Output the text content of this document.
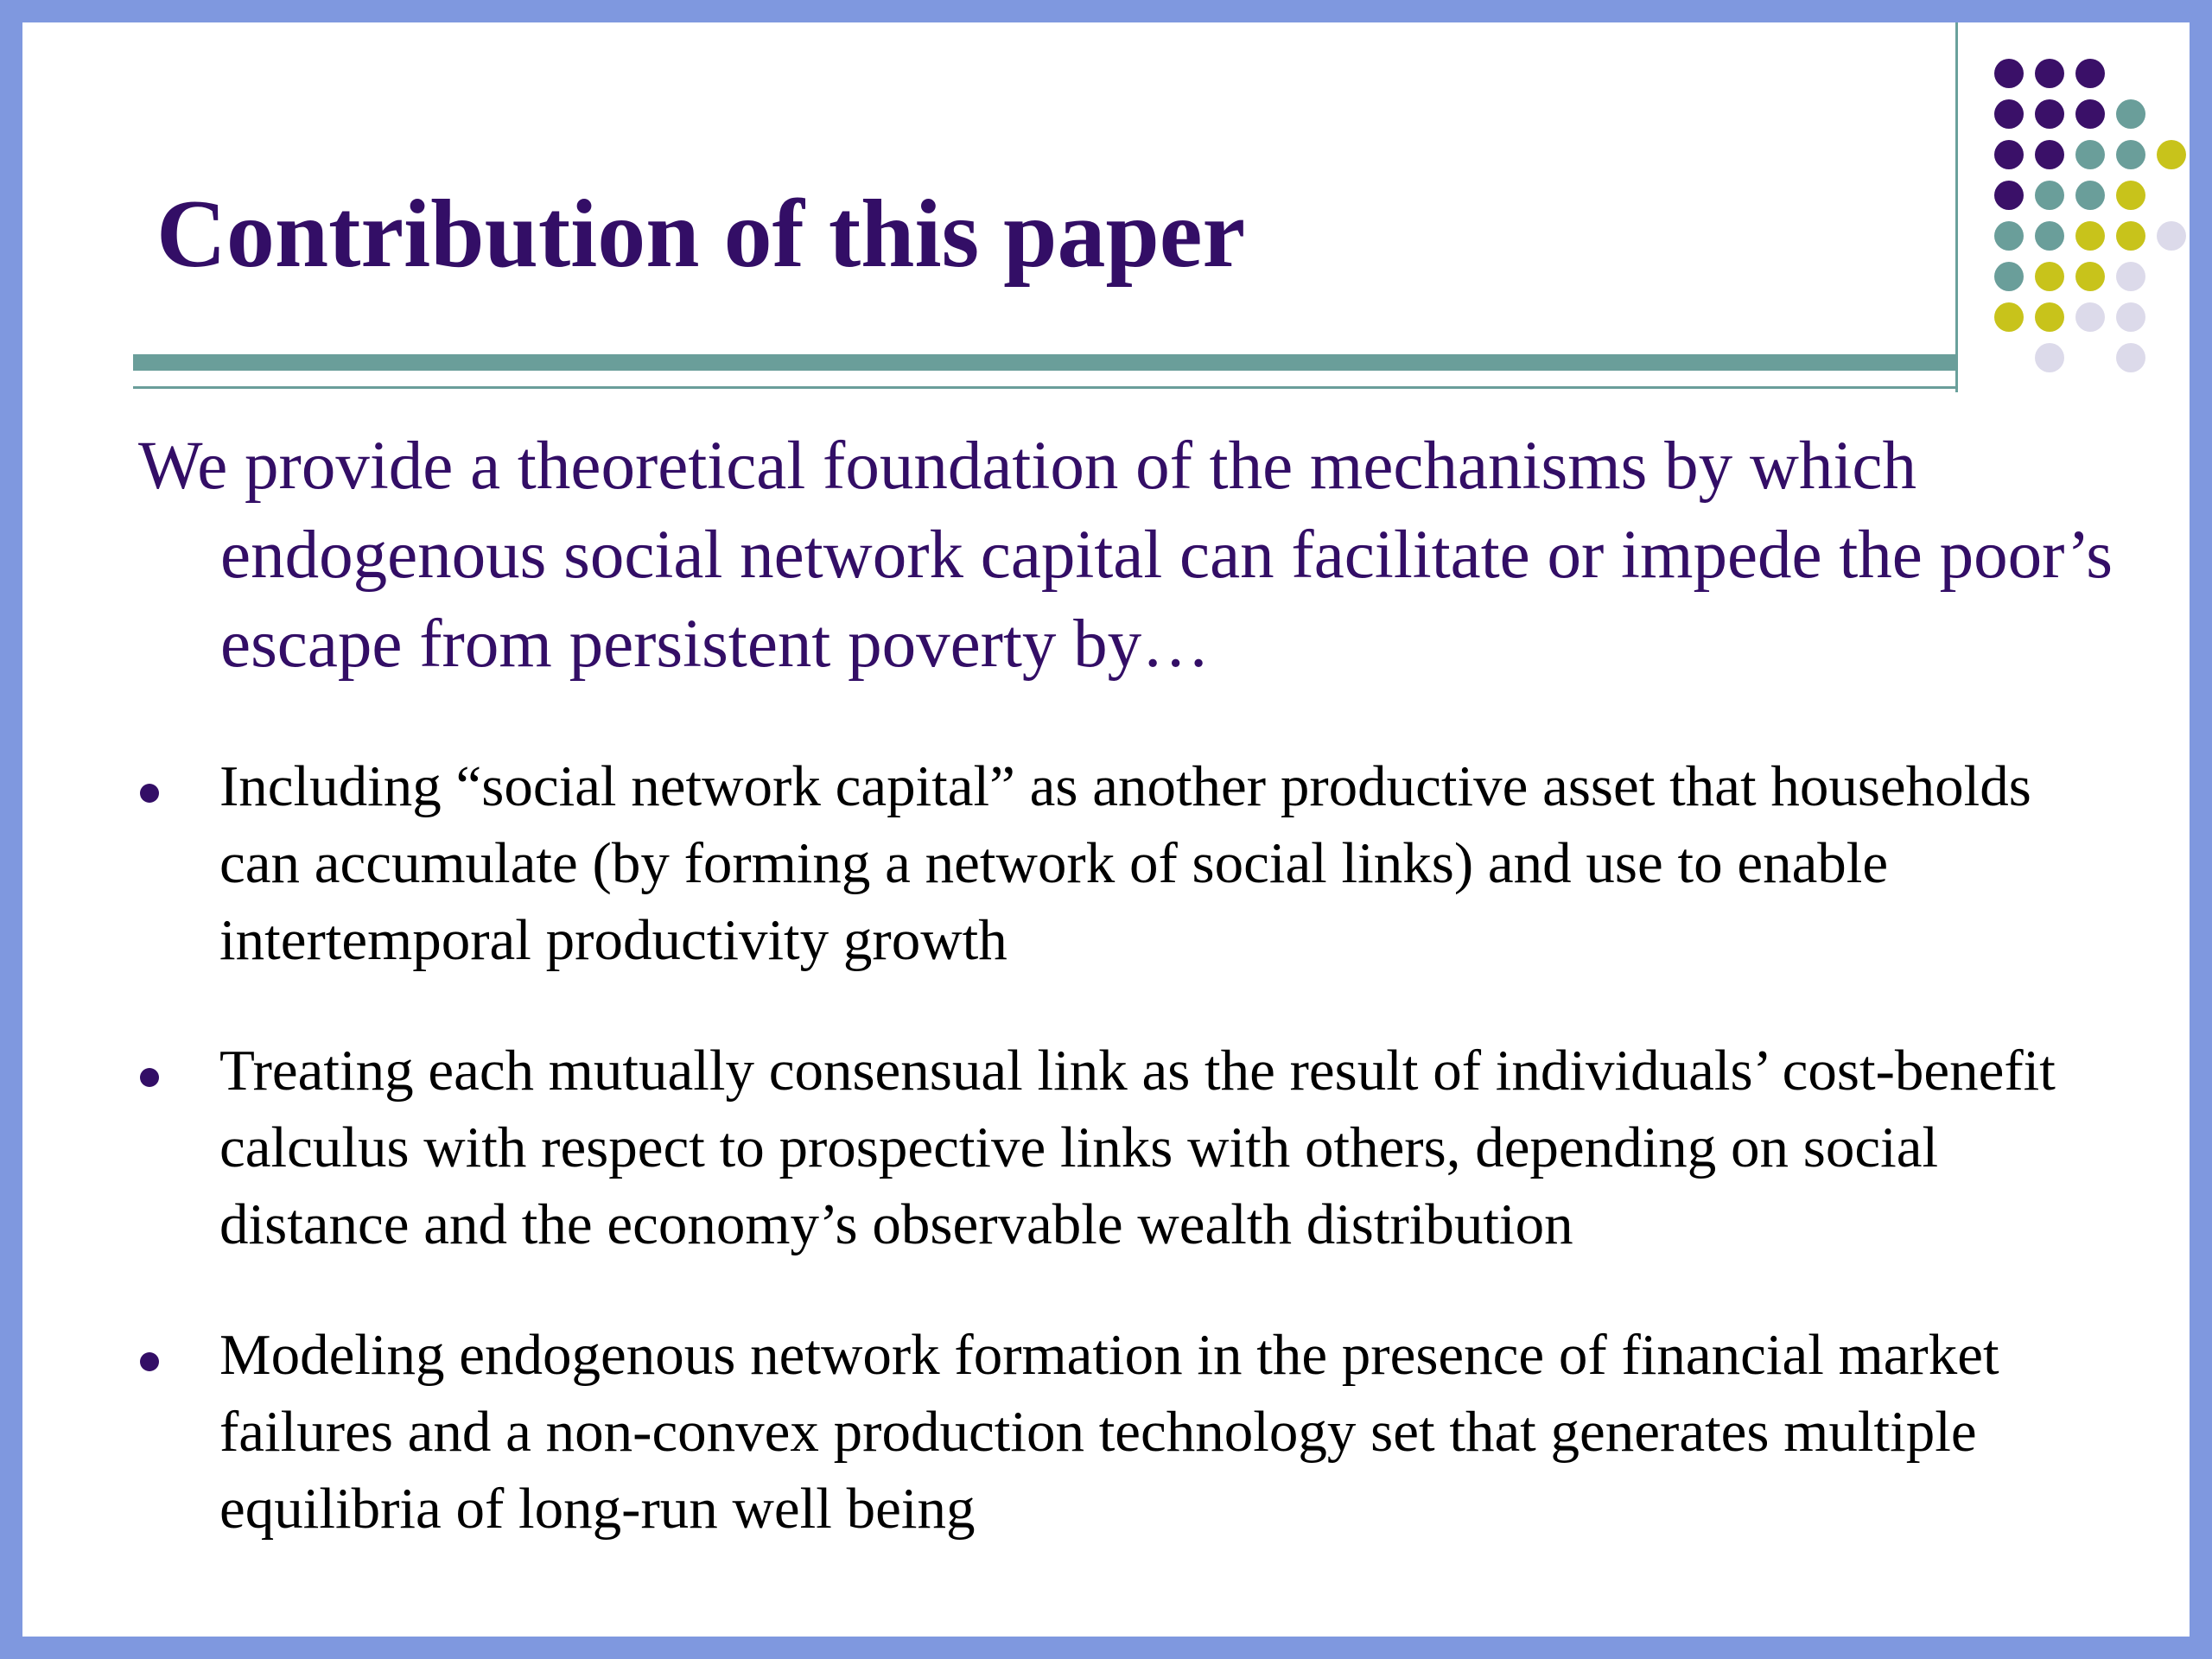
Contribution of this paper

We provide a theoretical foundation of the mechanisms by which endogenous social network capital can facilitate or impede the poor’s escape from persistent poverty by…

Including “social network capital” as another productive asset that households can accumulate (by forming a network of social links) and use to enable intertemporal productivity growth
Treating each mutually consensual link as the result of individuals’ cost-benefit calculus with respect to prospective links with others, depending on social distance and the economy’s observable wealth distribution
Modeling endogenous network formation in the presence of financial market failures and a non-convex production technology set that generates multiple equilibria of long-run well being
